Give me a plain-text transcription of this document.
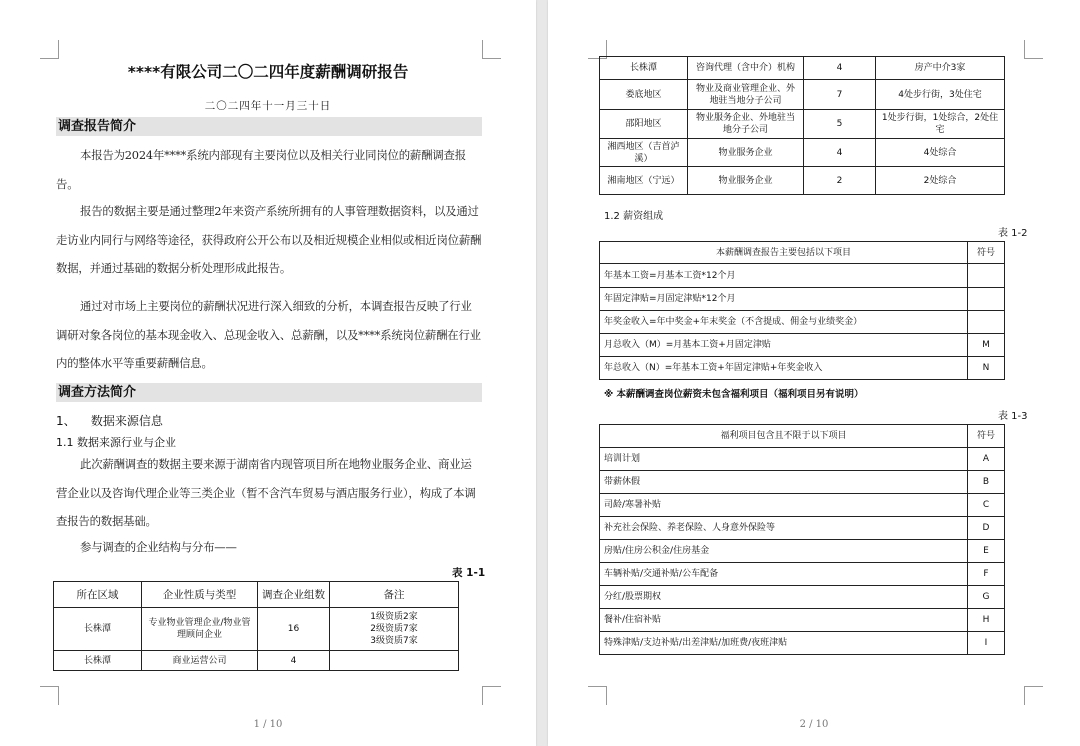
****有限公司二〇二四年度薪酬调研报告
二〇二四年十一月三十日
调查报告简介

本报告为2024年****系统内部现有主要岗位以及相关行业同岗位的薪酬调查报告。

报告的数据主要是通过整理2年来资产系统所拥有的人事管理数据资料，以及通过走访业内同行与网络等途径，获得政府公开公布以及相近规模企业相似或相近岗位薪酬数据，并通过基础的数据分析处理形成此报告。

通过对市场上主要岗位的薪酬状况进行深入细致的分析，本调查报告反映了行业调研对象各岗位的基本现金收入、总现金收入、总薪酬，以及****系统岗位薪酬在行业内的整体水平等重要薪酬信息。

调查方法简介
1、    数据来源信息
1.1 数据来源行业与企业

此次薪酬调查的数据主要来源于湖南省内现管项目所在地物业服务企业、商业运营企业以及咨询代理企业等三类企业（暂不含汽车贸易与酒店服务行业），构成了本调查报告的数据基础。

参与调查的企业结构与分布——

表 1-1
所在区域	企业性质与类型	调查企业组数	备注
长株潭	专业物业管理企业/物业管理顾问企业	16	1级资质2家
2级资质7家
3级资质7家

长株潭	商业运营公司	4	
1 / 10
长株潭	咨询代理（含中介）机构	4	房产中介3家
娄底地区	物业及商业管理企业、外地驻当地分子公司	7	4处步行街，3处住宅
邵阳地区	物业服务企业、外地驻当地分子公司	5	1处步行街，1处综合，2处住宅
湘西地区（吉首泸溪）	物业服务企业	4	4处综合
湘南地区（宁远）	物业服务企业	2	2处综合
1.2 薪资组成
表 1-2
本薪酬调查报告主要包括以下项目	符号
年基本工资=月基本工资*12个月	
年固定津贴=月固定津贴*12个月	
年奖金收入=年中奖金+年末奖金（不含提成、佣金与业绩奖金）	
月总收入（M）=月基本工资+月固定津贴	M
年总收入（N）=年基本工资+年固定津贴+年奖金收入	N
※ 本薪酬调查岗位薪资未包含福利项目（福利项目另有说明）
表 1-3
福利项目包含且不限于以下项目	符号
培训计划	A
带薪休假	B
司龄/寒暑补贴	C
补充社会保险、养老保险、人身意外保险等	D
房贴/住房公积金/住房基金	E
车辆补贴/交通补贴/公车配备	F
分红/股票期权	G
餐补/住宿补贴	H
特殊津贴/支边补贴/出差津贴/加班费/夜班津贴	I
2 / 10
